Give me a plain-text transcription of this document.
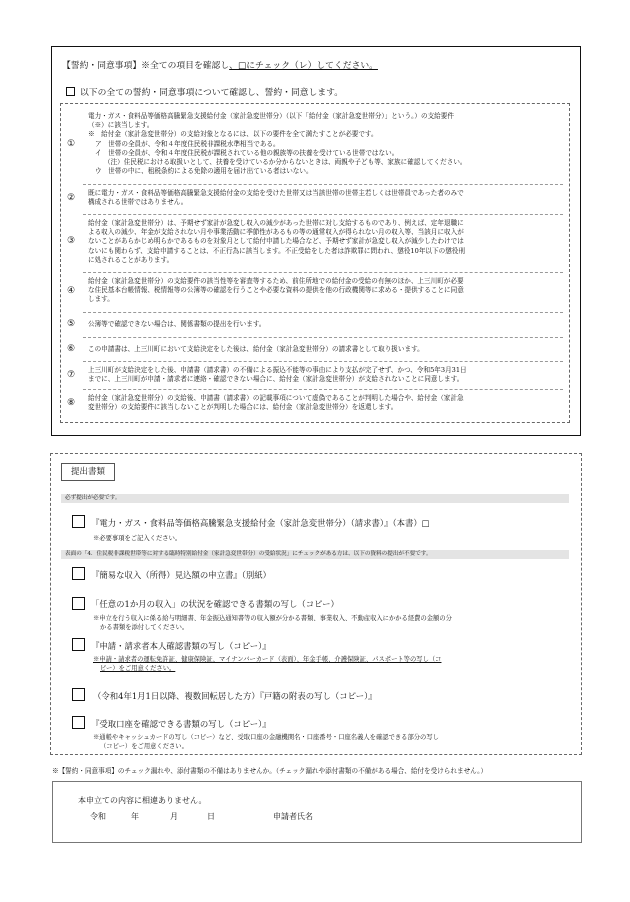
【誓約・同意事項】※全ての項目を確認し、□にチェック（レ）してください。
以下の全ての誓約・同意事項について確認し、誓約・同意します。
①

電力・ガス・食料品等価格高騰緊急支援給付金（家計急変世帯分）（以下「給付金（家計急変世帯分）」という。）の支給要件

（※）に該当します。

※　給付金（家計急変世帯分）の支給対象となるには、以下の要件を全て満たすことが必要です。

ア　世帯の全員が、令和４年度住民税非課税水準相当である。

イ　世帯の全員が、令和４年度住民税が課税されている他の親族等の扶養を受けている世帯ではない。

（注）住民税における取扱いとして、扶養を受けているか分からないときは、両親や子ども等、家族に確認してください。

ウ　世帯の中に、租税条約による免除の適用を届け出ている者はいない。

② 既に電力・ガス・食料品等価格高騰緊急支援給付金の支給を受けた世帯又は当該世帯の世帯主若しくは世帯員であった者のみで

構成される世帯ではありません。

③

給付金（家計急変世帯分）は、予期せず家計が急変し収入の減少があった世帯に対し支給するものであり、例えば、定年退職に

よる収入の減少、年金が支給されない月や事業活動に季節性があるもの等の通常収入が得られない月の収入等、当該月に収入が

ないことがあらかじめ明らかであるものを対象月として給付申請した場合など、予期せず家計が急変し収入が減少したわけでは

ないにも関わらず、支給申請することは、不正行為に該当します。不正受給をした者は詐欺罪に問われ、懲役10年以下の懲役刑

に処されることがあります。

④

給付金（家計急変世帯分）の支給要件の該当性等を審査等するため、前住所地での給付金の受給の有無のほか、上三川町が必要

な住民基本台帳情報、税情報等の公簿等の確認を行うことや必要な資料の提供を他の行政機関等に求める・提供することに同意

します。

⑤ 公簿等で確認できない場合は、関係書類の提出を行います。

⑥ この申請書は、上三川町において支給決定をした後は、給付金（家計急変世帯分）の請求書として取り扱います。

⑦ 上三川町が支給決定をした後、申請書（請求書）の不備による振込不能等の事由により支払が完了せず、かつ、令和5年3月31日

までに、上三川町が申請・請求者に連絡・確認できない場合に、給付金（家計急変世帯分）が支給されないことに同意します。

⑧ 給付金（家計急変世帯分）の支給後、申請書（請求書）の記載事項について虚偽であることが判明した場合や、給付金（家計急

変世帯分）の支給要件に該当しないことが判明した場合には、給付金（家計急変世帯分）を返還します。

提出書類
必ず提出が必要です。
『電力・ガス・食料品等価格高騰緊急支援給付金（家計急変世帯分）（請求書）』（本書）□
※必要事項をご記入ください。
表面の「4．住民税非課税世帯等に対する臨時特別給付金（家計急変世帯分）の受給状況」にチェックがある方は、以下の資料の提出が不要です。
『簡易な収入（所得）見込額の申立書』（別紙）
「任意の1か月の収入」の状況を確認できる書類の写し（コピー）
※申立を行う収入に係る給与明細書、年金振込通知書等の収入額が分かる書類、事業収入、不動産収入にかかる経費の金額の分
かる書類を添付してください。
『申請・請求者本人確認書類の写し（コピー）』
※申請・請求者の運転免許証、健康保険証、マイナンバーカード（表面）、年金手帳、介護保険証、パスポート等の写し（コ
ピー）をご用意ください。
（令和4年1月1日以降、複数回転居した方）『戸籍の附表の写し（コピー）』
『受取口座を確認できる書類の写し（コピー）』
※通帳やキャッシュカードの写し（コピー）など、受取口座の金融機関名・口座番号・口座名義人を確認できる部分の写し
（コピー）をご用意ください。
※【誓約・同意事項】のチェック漏れや、添付書類の不備はありませんか。（チェック漏れや添付書類の不備がある場合、給付を受けられません。）
本申立ての内容に相違ありません。
令和	年	月	日	申請者氏名
